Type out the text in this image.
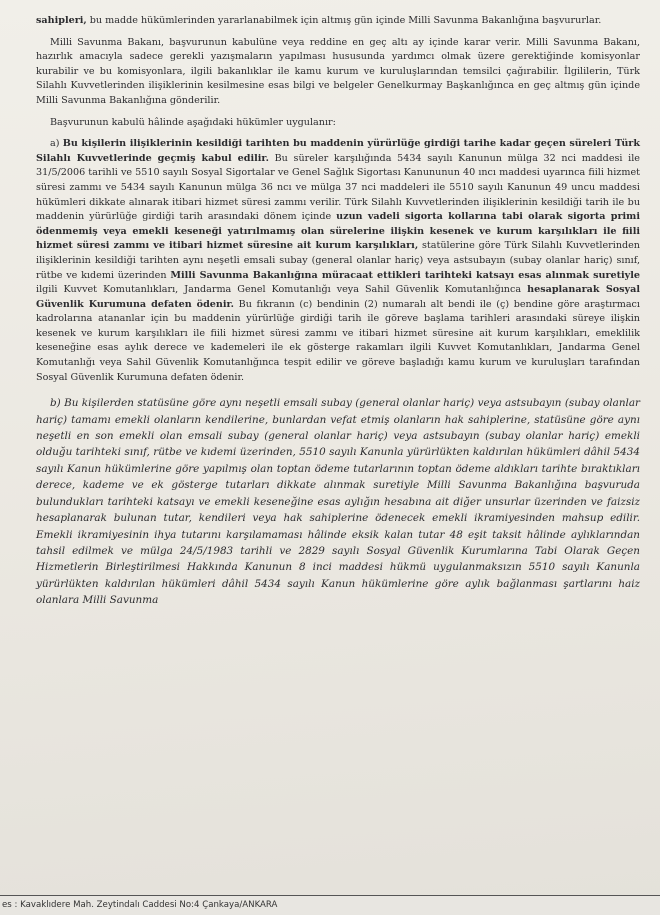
sahipleri, bu madde hükümlerinden yararlanabilmek için altmış gün içinde Milli Savunma Bakanlığına başvururlar.

Milli Savunma Bakanı, başvurunun kabulüne veya reddine en geç altı ay içinde karar verir. Milli Savunma Bakanı, hazırlık amacıyla sadece gerekli yazışmaların yapılması hususunda yardımcı olmak üzere gerektiğinde komisyonlar kurabilir ve bu komisyonlara, ilgili bakanlıklar ile kamu kurum ve kuruluşlarından temsilci çağırabilir. İlgililerin, Türk Silahlı Kuvvetlerinden ilişiklerinin kesilmesine esas bilgi ve belgeler Genelkurmay Başkanlığınca en geç altmış gün içinde Milli Savunma Bakanlığına gönderilir.

Başvurunun kabulü hâlinde aşağıdaki hükümler uygulanır:

a) Bu kişilerin ilişiklerinin kesildiği tarihten bu maddenin yürürlüğe girdiği tarihe kadar geçen süreleri Türk Silahlı Kuvvetlerinde geçmiş kabul edilir. Bu süreler karşılığında 5434 sayılı Kanunun mülga 32 nci maddesi ile 31/5/2006 tarihli ve 5510 sayılı Sosyal Sigortalar ve Genel Sağlık Sigortası Kanununun 40 ıncı maddesi uyarınca fiili hizmet süresi zammı ve 5434 sayılı Kanunun mülga 36 ncı ve mülga 37 nci maddeleri ile 5510 sayılı Kanunun 49 uncu maddesi hükümleri dikkate alınarak itibari hizmet süresi zammı verilir. Türk Silahlı Kuvvetlerinden ilişiklerinin kesildiği tarih ile bu maddenin yürürlüğe girdiği tarih arasındaki dönem içinde uzun vadeli sigorta kollarına tabi olarak sigorta primi ödenmemiş veya emekli keseneği yatırılmamış olan sürelerine ilişkin kesenek ve kurum karşılıkları ile fiili hizmet süresi zammı ve itibari hizmet süresine ait kurum karşılıkları, statülerine göre Türk Silahlı Kuvvetlerinden ilişiklerinin kesildiği tarihten aynı neşetli emsali subay (general olanlar hariç) veya astsubayın (subay olanlar hariç) sınıf, rütbe ve kıdemi üzerinden Milli Savunma Bakanlığına müracaat ettikleri tarihteki katsayı esas alınmak suretiyle ilgili Kuvvet Komutanlıkları, Jandarma Genel Komutanlığı veya Sahil Güvenlik Komutanlığınca hesaplanarak Sosyal Güvenlik Kurumuna defaten ödenir. Bu fıkranın (c) bendinin (2) numaralı alt bendi ile (ç) bendine göre araştırmacı kadrolarına atananlar için bu maddenin yürürlüğe girdiği tarih ile göreve başlama tarihleri arasındaki süreye ilişkin kesenek ve kurum karşılıkları ile fiili hizmet süresi zammı ve itibari hizmet süresine ait kurum karşılıkları, emeklilik keseneğine esas aylık derece ve kademeleri ile ek gösterge rakamları ilgili Kuvvet Komutanlıkları, Jandarma Genel Komutanlığı veya Sahil Güvenlik Komutanlığınca tespit edilir ve göreve başladığı kamu kurum ve kuruluşları tarafından Sosyal Güvenlik Kurumuna defaten ödenir.

b) Bu kişilerden statüsüne göre aynı neşetli emsali subay (general olanlar hariç) veya astsubayın (subay olanlar hariç) tamamı emekli olanların kendilerine, bunlardan vefat etmiş olanların hak sahiplerine, statüsüne göre aynı neşetli en son emekli olan emsali subay (general olanlar hariç) veya astsubayın (subay olanlar hariç) emekli olduğu tarihteki sınıf, rütbe ve kıdemi üzerinden, 5510 sayılı Kanunla yürürlükten kaldırılan hükümleri dâhil 5434 sayılı Kanun hükümlerine göre yapılmış olan toptan ödeme tutarlarının toptan ödeme aldıkları tarihte bıraktıkları derece, kademe ve ek gösterge tutarları dikkate alınmak suretiyle Milli Savunma Bakanlığına başvuruda bulundukları tarihteki katsayı ve emekli keseneğine esas aylığın hesabına ait diğer unsurlar üzerinden ve faizsiz hesaplanarak bulunan tutar, kendileri veya hak sahiplerine ödenecek emekli ikramiyesinden mahsup edilir. Emekli ikramiyesinin ihya tutarını karşılamaması hâlinde eksik kalan tutar 48 eşit taksit hâlinde aylıklarından tahsil edilmek ve mülga 24/5/1983 tarihli ve 2829 sayılı Sosyal Güvenlik Kurumlarına Tabi Olarak Geçen Hizmetlerin Birleştirilmesi Hakkında Kanunun 8 inci maddesi hükmü uygulanmaksızın 5510 sayılı Kanunla yürürlükten kaldırılan hükümleri dâhil 5434 sayılı Kanun hükümlerine göre aylık bağlanması şartlarını haiz olanlara Milli Savunma

es : Kavaklıdere Mah. Zeytindalı Caddesi No:4 Çankaya/ANKARA
